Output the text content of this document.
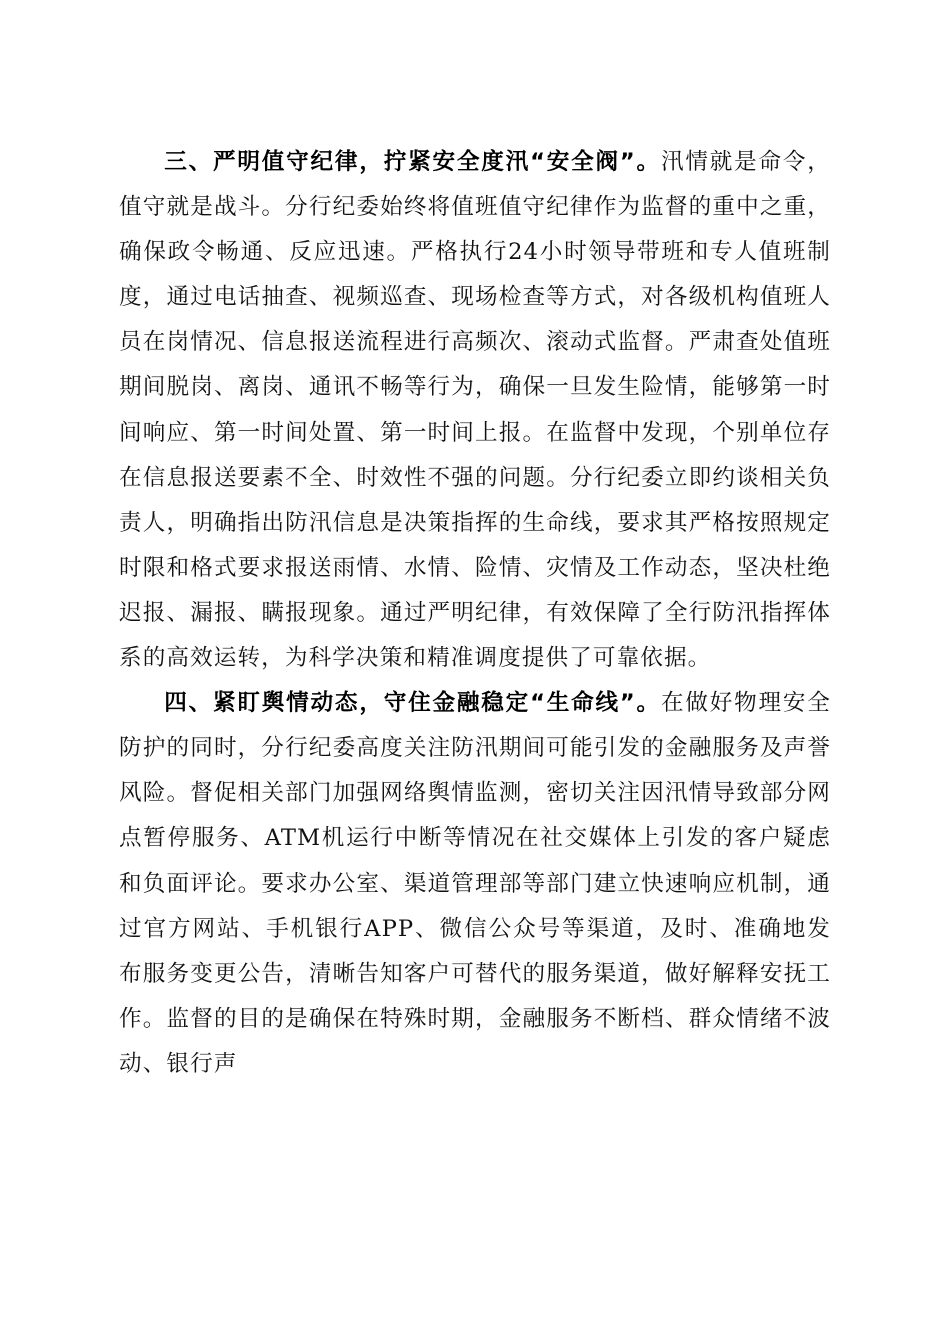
三、严明值守纪律，拧紧安全度汛“安全阀”。汛情就是命令，值守就是战斗。分行纪委始终将值班值守纪律作为监督的重中之重，确保政令畅通、反应迅速。严格执行24小时领导带班和专人值班制度，通过电话抽查、视频巡查、现场检查等方式，对各级机构值班人员在岗情况、信息报送流程进行高频次、滚动式监督。严肃查处值班期间脱岗、离岗、通讯不畅等行为，确保一旦发生险情，能够第一时间响应、第一时间处置、第一时间上报。在监督中发现，个别单位存在信息报送要素不全、时效性不强的问题。分行纪委立即约谈相关负责人，明确指出防汛信息是决策指挥的生命线，要求其严格按照规定时限和格式要求报送雨情、水情、险情、灾情及工作动态，坚决杜绝迟报、漏报、瞒报现象。通过严明纪律，有效保障了全行防汛指挥体系的高效运转，为科学决策和精准调度提供了可靠依据。

四、紧盯舆情动态，守住金融稳定“生命线”。在做好物理安全防护的同时，分行纪委高度关注防汛期间可能引发的金融服务及声誉风险。督促相关部门加强网络舆情监测，密切关注因汛情导致部分网点暂停服务、ATM机运行中断等情况在社交媒体上引发的客户疑虑和负面评论。要求办公室、渠道管理部等部门建立快速响应机制，通过官方网站、手机银行APP、微信公众号等渠道，及时、准确地发布服务变更公告，清晰告知客户可替代的服务渠道，做好解释安抚工作。监督的目的是确保在特殊时期，金融服务不断档、群众情绪不波动、银行声
